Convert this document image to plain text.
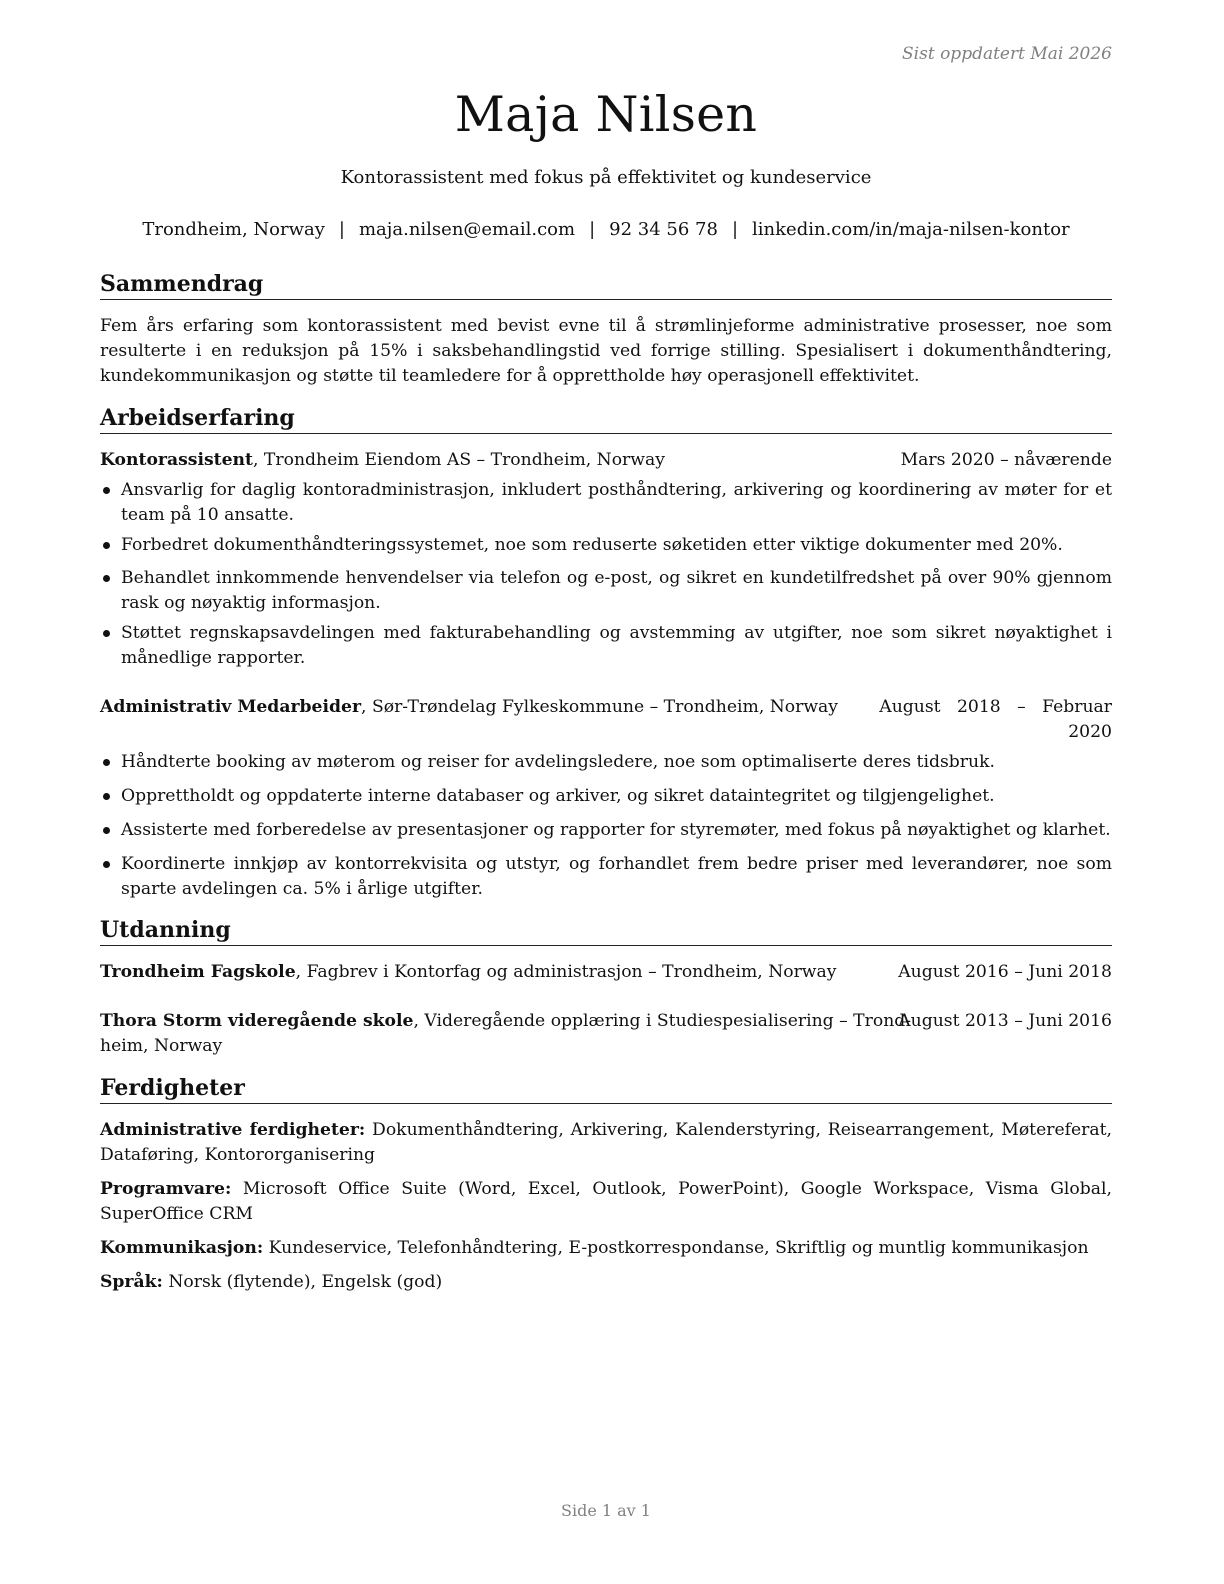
Sist oppdatert Mai 2026
Maja Nilsen
Kontorassistent med fokus på effektivitet og kundeservice
Trondheim, Norway | maja.nilsen@email.com | 92 34 56 78 | linkedin.com/in/maja-nilsen-kontor
Sammendrag
Fem års erfaring som kontorassistent med bevist evne til å strømlinjeforme administrative prosesser, noe som resulterte i en reduksjon på 15% i saksbehandlingstid ved forrige stilling. Spesialisert i dokumenthåndtering, kundekommunikasjon og støtte til teamledere for å opprettholde høy operasjonell effektivitet.
Arbeidserfaring
Kontorassistent, Trondheim Eiendom AS – Trondheim, Norway	Mars 2020 – nåværende
Ansvarlig for daglig kontoradministrasjon, inkludert posthåndtering, arkivering og koordinering av møter for et team på 10 ansatte.
Forbedret dokumenthåndteringssystemet, noe som reduserte søketiden etter viktige dokumenter med 20%.
Behandlet innkommende henvendelser via telefon og e-post, og sikret en kundetilfredshet på over 90% gjennom rask og nøyaktig informasjon.
Støttet regnskapsavdelingen med fakturabehandling og avstemming av utgifter, noe som sikret nøyaktighet i månedlige rapporter.
Administrativ Medarbeider, Sør-Trøndelag Fylkeskommune – Trondheim, Norway August   2018   –   Februar
2020
Håndterte booking av møterom og reiser for avdelingsledere, noe som optimaliserte deres tidsbruk.
Opprettholdt og oppdaterte interne databaser og arkiver, og sikret dataintegritet og tilgjengelighet.
Assisterte med forberedelse av presentasjoner og rapporter for styremøter, med fokus på nøyaktighet og klarhet.
Koordinerte innkjøp av kontorrekvisita og utstyr, og forhandlet frem bedre priser med leverandører, noe som sparte avdelingen ca. 5% i årlige utgifter.
Utdanning
Trondheim Fagskole, Fagbrev i Kontorfag og administrasjon – Trondheim, Norway	August 2016 – Juni 2018
Thora Storm videregående skole, Videregående opplæring i Studiespesialisering – Trond-
heim, Norway
August 2013 – Juni 2016
Ferdigheter
Administrative ferdigheter: Dokumenthåndtering, Arkivering, Kalenderstyring, Reisearrangement, Møtereferat, Dataføring, Kontororganisering
Programvare: Microsoft Office Suite (Word, Excel, Outlook, PowerPoint), Google Workspace, Visma Global, SuperOffice CRM
Kommunikasjon: Kundeservice, Telefonhåndtering, E-postkorrespondanse, Skriftlig og muntlig kommunikasjon
Språk: Norsk (flytende), Engelsk (god)
Side 1 av 1
